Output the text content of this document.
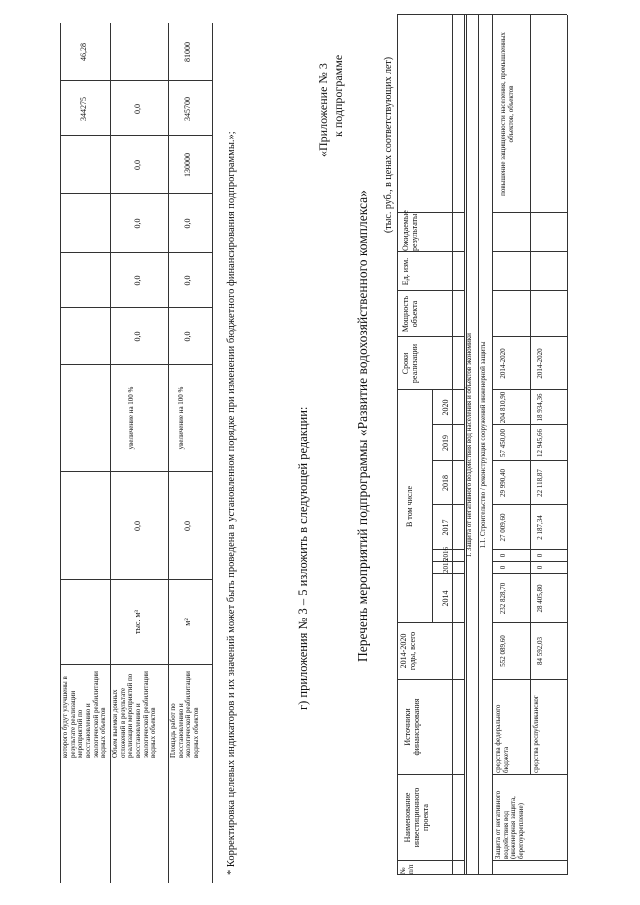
которого будут улучшены в результате реализации мероприятий по восстановлению и экологической реабилитации водных объектов
344275
46,28
Объем выемки донных отложений в результате реализации мероприятий по восстановлению и экологической реабилитации водных объектов
тыс. м³
0,0
увеличение на 100 %
0,0
0,0
0,0
0,0
0,0
Площадь работ по восстановлению и экологической реабилитации водных объектов
м²
0,0
увеличение на 100 %
0,0
0,0
0,0
130000
345700
81000
* Корректировка целевых индикаторов и их значений может быть проведена в установленном порядке при изменении бюджетного финансирования подпрограммы.»;	г) приложения № 3 – 5 изложить в следующей редакции:
«Приложение № 3 к подпрограмме
Перечень мероприятий подпрограммы «Развитие водохозяйственного комплекса»
(тыс. руб., в ценах соответствующих лет)
№ п/п
Наименование инвестиционного проекта
Источники финансирования
2014-2020 годы, всего
В том числе
2014
2015
2016
2017
2018
2019
2020
Сроки реализации
Мощность объекта
Ед. изм.
Ожидаемые результаты
I. Защита от негативного воздействия вод населения и объектов экономики 1.1. Строительство / реконструкция сооружений инженерной защиты
Защита от негативного воздействия вод (инженерная защита, берегоукрепление)
средства федерального бюджета
552 089,60
232 828,70
0
0
27 009,60
29 990,40
57 450,00
204 810,90
2014-2020
средства республиканског
84 592,03
28 405,80
0
0
2 187,34
22 118,87
12 945,66
18 934,36
2014-2020
повышение защищенности населения, промышленных объектов, объектов
